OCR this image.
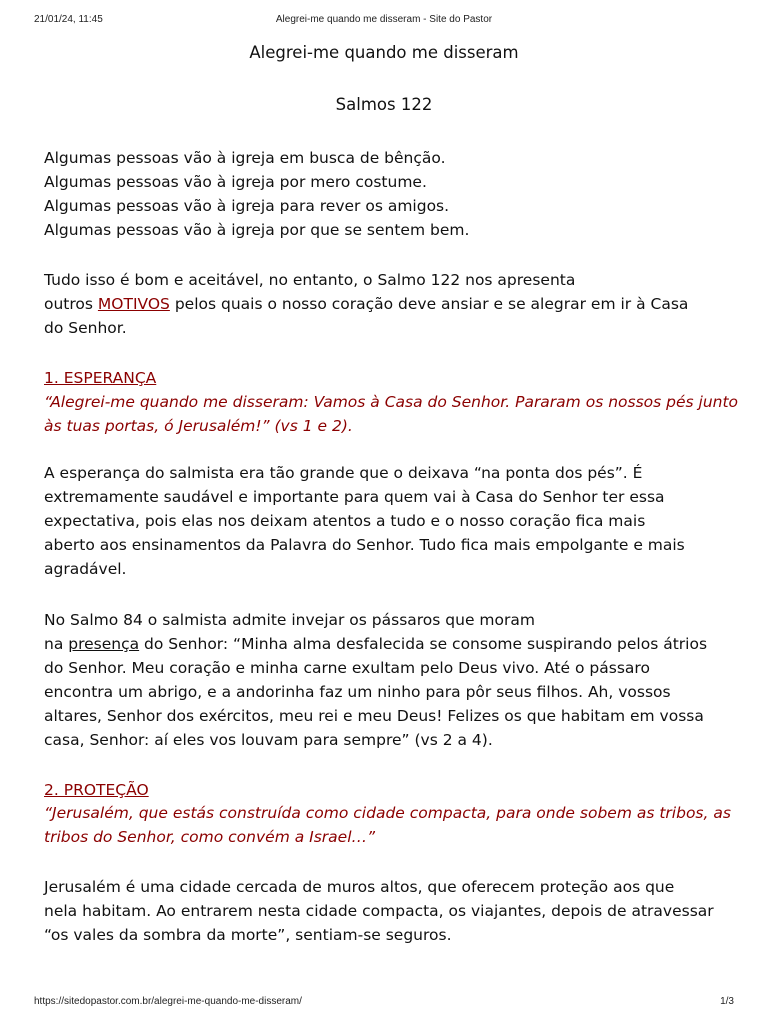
21/01/24, 11:45	Alegrei-me quando me disseram - Site do Pastor
Alegrei-me quando me disseram
Salmos 122

Algumas pessoas vão à igreja em busca de bênção.
Algumas pessoas vão à igreja por mero costume.
Algumas pessoas vão à igreja para rever os amigos.
Algumas pessoas vão à igreja por que se sentem bem.

Tudo isso é bom e aceitável, no entanto, o Salmo 122 nos apresenta
outros MOTIVOS pelos quais o nosso coração deve ansiar e se alegrar em ir à Casa
do Senhor.

1. ESPERANÇA

“Alegrei-me quando me disseram: Vamos à Casa do Senhor. Pararam os nossos pés junto
às tuas portas, ó Jerusalém!” (vs 1 e 2).

A esperança do salmista era tão grande que o deixava “na ponta dos pés”. É
extremamente saudável e importante para quem vai à Casa do Senhor ter essa
expectativa, pois elas nos deixam atentos a tudo e o nosso coração fica mais
aberto aos ensinamentos da Palavra do Senhor. Tudo fica mais empolgante e mais
agradável.

No Salmo 84 o salmista admite invejar os pássaros que moram
na presença do Senhor: “Minha alma desfalecida se consome suspirando pelos átrios
do Senhor. Meu coração e minha carne exultam pelo Deus vivo. Até o pássaro
encontra um abrigo, e a andorinha faz um ninho para pôr seus filhos. Ah, vossos
altares, Senhor dos exércitos, meu rei e meu Deus! Felizes os que habitam em vossa
casa, Senhor: aí eles vos louvam para sempre” (vs 2 a 4).

2. PROTEÇÃO

“Jerusalém, que estás construída como cidade compacta, para onde sobem as tribos, as
tribos do Senhor, como convém a Israel…”

Jerusalém é uma cidade cercada de muros altos, que oferecem proteção aos que
nela habitam. Ao entrarem nesta cidade compacta, os viajantes, depois de atravessar
“os vales da sombra da morte”, sentiam-se seguros.

https://sitedopastor.com.br/alegrei-me-quando-me-disseram/	1/3
